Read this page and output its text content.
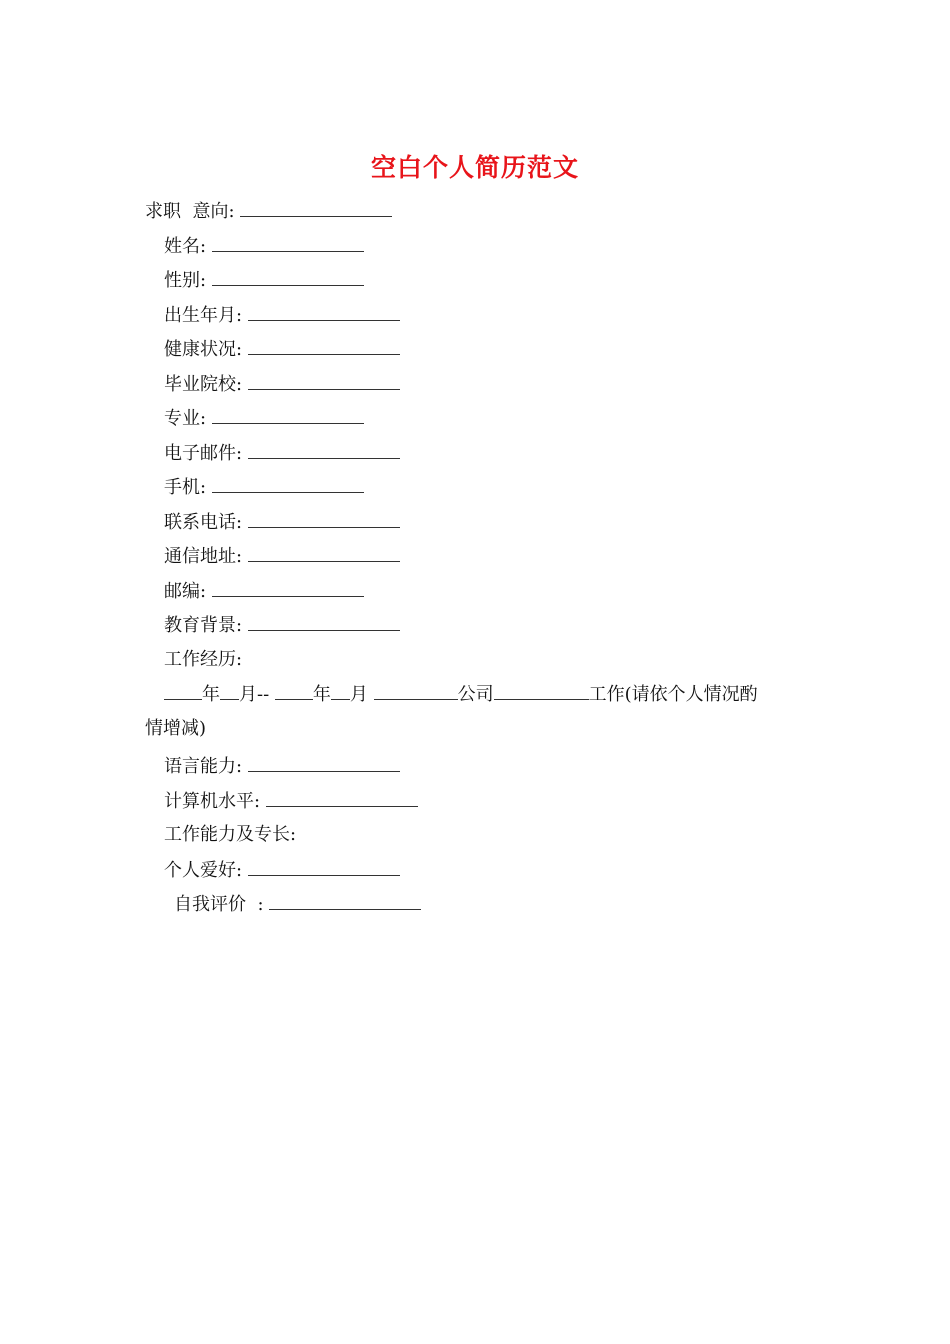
空白个人简历范文
求职  意向:
姓名:
性别:
出生年月:
健康状况:
毕业院校:
专业:
电子邮件:
手机:
联系电话:
通信地址:
邮编:
教育背景:
工作经历:
年 月-- 年 月	公司	工作(请依个人情况酌
情增减)
语言能力:
计算机水平:
工作能力及专长:
个人爱好:
自我评价  :
